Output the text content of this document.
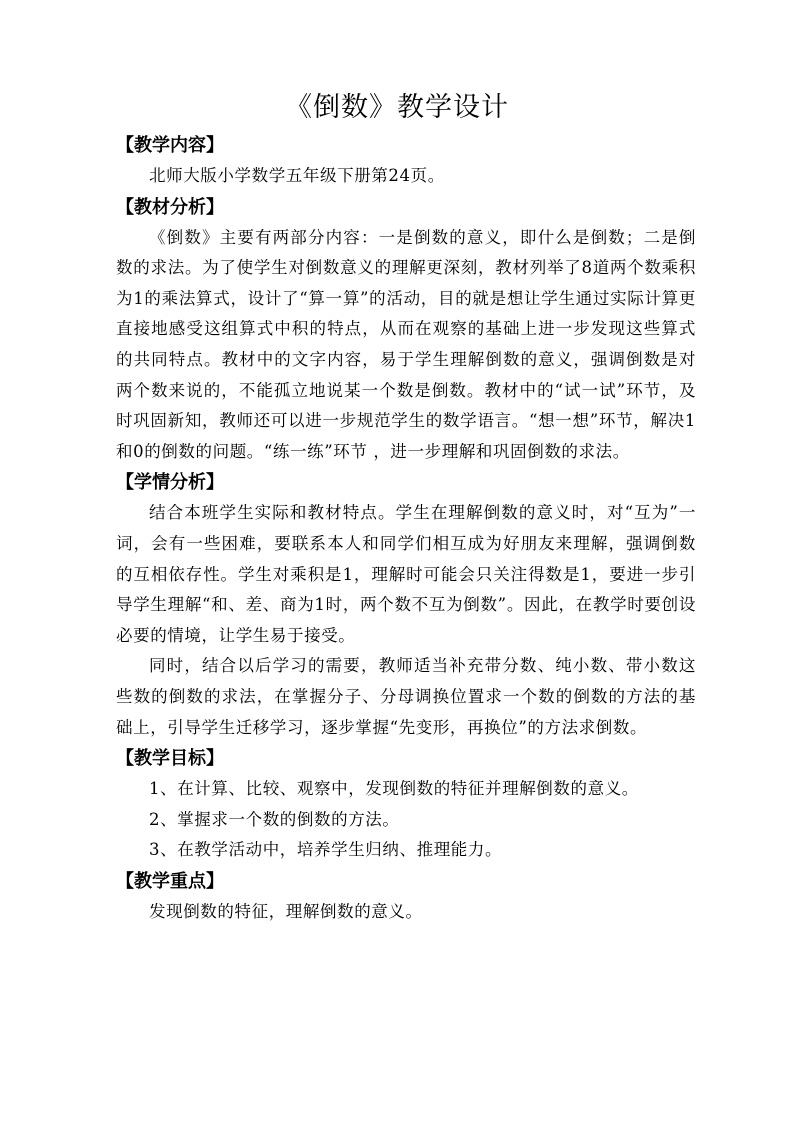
《倒数》教学设计

【教学内容】

北师大版小学数学五年级下册第24页。

【教材分析】

《倒数》主要有两部分内容：一是倒数的意义，即什么是倒数；二是倒数的求法。为了使学生对倒数意义的理解更深刻，教材列举了8道两个数乘积为1的乘法算式，设计了“算一算”的活动，目的就是想让学生通过实际计算更直接地感受这组算式中积的特点，从而在观察的基础上进一步发现这些算式的共同特点。教材中的文字内容，易于学生理解倒数的意义，强调倒数是对两个数来说的，不能孤立地说某一个数是倒数。教材中的“试一试”环节，及时巩固新知，教师还可以进一步规范学生的数学语言。“想一想”环节，解决1和0的倒数的问题。“练一练”环节 ，进一步理解和巩固倒数的求法。

【学情分析】

结合本班学生实际和教材特点。学生在理解倒数的意义时，对“互为”一词，会有一些困难，要联系本人和同学们相互成为好朋友来理解，强调倒数的互相依存性。学生对乘积是1，理解时可能会只关注得数是1，要进一步引导学生理解“和、差、商为1时，两个数不互为倒数”。因此，在教学时要创设必要的情境，让学生易于接受。

同时，结合以后学习的需要，教师适当补充带分数、纯小数、带小数这些数的倒数的求法，在掌握分子、分母调换位置求一个数的倒数的方法的基础上，引导学生迁移学习，逐步掌握“先变形，再换位”的方法求倒数。

【教学目标】

1、在计算、比较、观察中，发现倒数的特征并理解倒数的意义。

2、掌握求一个数的倒数的方法。

3、在教学活动中，培养学生归纳、推理能力。

【教学重点】

发现倒数的特征，理解倒数的意义。
